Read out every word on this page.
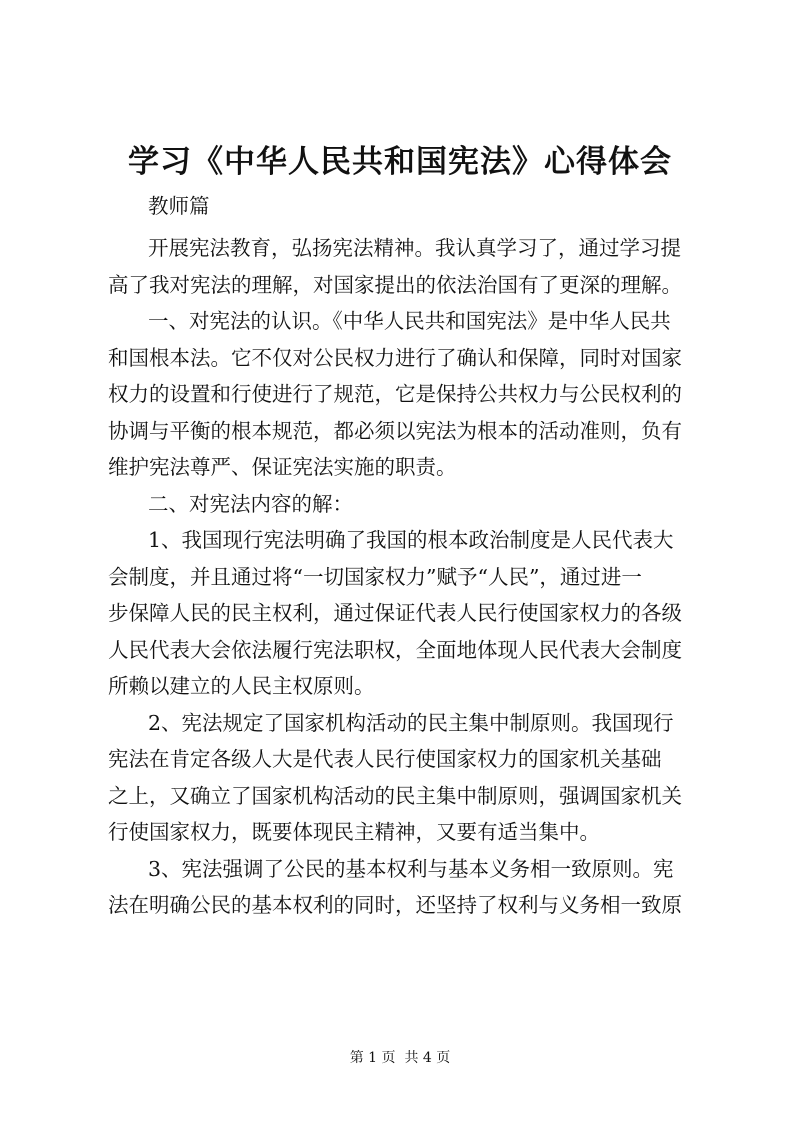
学习《中华人民共和国宪法》心得体会
教师篇
开展宪法教育，弘扬宪法精神。我认真学习了，通过学习提
高了我对宪法的理解，对国家提出的依法治国有了更深的理解。
一、对宪法的认识。《中华人民共和国宪法》是中华人民共
和国根本法。它不仅对公民权力进行了确认和保障，同时对国家
权力的设置和行使进行了规范，它是保持公共权力与公民权利的
协调与平衡的根本规范，都必须以宪法为根本的活动准则，负有
维护宪法尊严、保证宪法实施的职责。
二、对宪法内容的解：
1、我国现行宪法明确了我国的根本政治制度是人民代表大
会制度，并且通过将“一切国家权力”赋予“人民”，通过进一
步保障人民的民主权利，通过保证代表人民行使国家权力的各级
人民代表大会依法履行宪法职权，全面地体现人民代表大会制度
所赖以建立的人民主权原则。
2、宪法规定了国家机构活动的民主集中制原则。我国现行
宪法在肯定各级人大是代表人民行使国家权力的国家机关基础
之上，又确立了国家机构活动的民主集中制原则，强调国家机关
行使国家权力，既要体现民主精神，又要有适当集中。
3、宪法强调了公民的基本权利与基本义务相一致原则。宪
法在明确公民的基本权利的同时，还坚持了权利与义务相一致原
第 1 页  共 4 页
